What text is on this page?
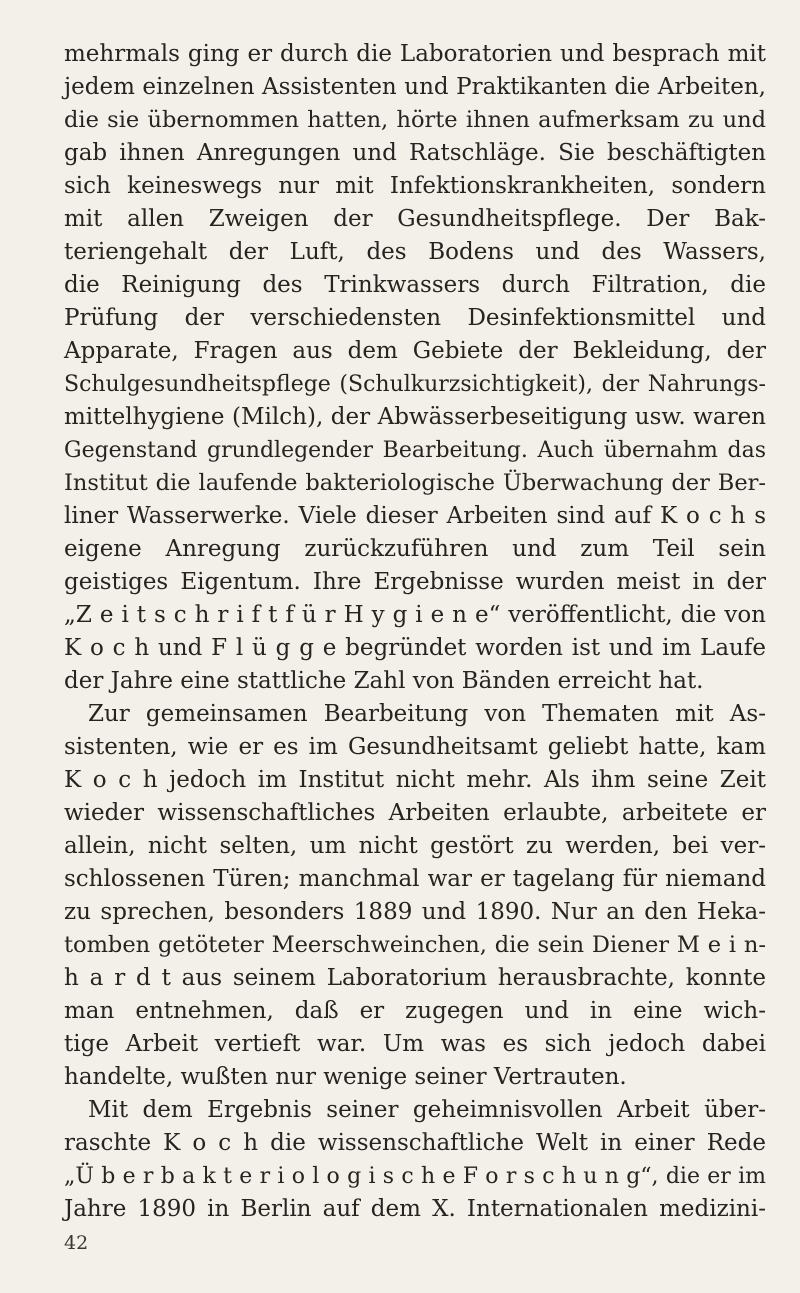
mehrmals ging er durch die Laboratorien und besprach mit

jedem einzelnen Assistenten und Praktikanten die Arbeiten,

die sie übernommen hatten, hörte ihnen aufmerksam zu und

gab ihnen Anregungen und Ratschläge. Sie beschäftigten

sich keineswegs nur mit Infektionskrankheiten, sondern

mit allen Zweigen der Gesundheitspflege. Der Bak-

teriengehalt der Luft, des Bodens und des Wassers,

die Reinigung des Trinkwassers durch Filtration, die

Prüfung der verschiedensten Desinfektionsmittel und

Apparate, Fragen aus dem Gebiete der Bekleidung, der

Schulgesundheitspflege (Schulkurzsichtigkeit), der Nahrungs-

mittelhygiene (Milch), der Abwässerbeseitigung usw. waren

Gegenstand grundlegender Bearbeitung. Auch übernahm das

Institut die laufende bakteriologische Überwachung der Ber-

liner Wasserwerke. Viele dieser Arbeiten sind auf K o c h s

eigene Anregung zurückzuführen und zum Teil sein

geistiges Eigentum. Ihre Ergebnisse wurden meist in der

„Z e i t s c h r i f t f ü r H y g i e n e“ veröffentlicht, die von

K o c h und F l ü g g e begründet worden ist und im Laufe

der Jahre eine stattliche Zahl von Bänden erreicht hat.

Zur gemeinsamen Bearbeitung von Thematen mit As-

sistenten, wie er es im Gesundheitsamt geliebt hatte, kam

K o c h jedoch im Institut nicht mehr. Als ihm seine Zeit

wieder wissenschaftliches Arbeiten erlaubte, arbeitete er

allein, nicht selten, um nicht gestört zu werden, bei ver-

schlossenen Türen; manchmal war er tagelang für niemand

zu sprechen, besonders 1889 und 1890. Nur an den Heka-

tomben getöteter Meerschweinchen, die sein Diener M e i n-

h a r d t aus seinem Laboratorium herausbrachte, konnte

man entnehmen, daß er zugegen und in eine wich-

tige Arbeit vertieft war. Um was es sich jedoch dabei

handelte, wußten nur wenige seiner Vertrauten.

Mit dem Ergebnis seiner geheimnisvollen Arbeit über-

raschte K o c h die wissenschaftliche Welt in einer Rede

„Ü b e r b a k t e r i o l o g i s c h e F o r s c h u n g“, die er im

Jahre 1890 in Berlin auf dem X. Internationalen medizini-

42
